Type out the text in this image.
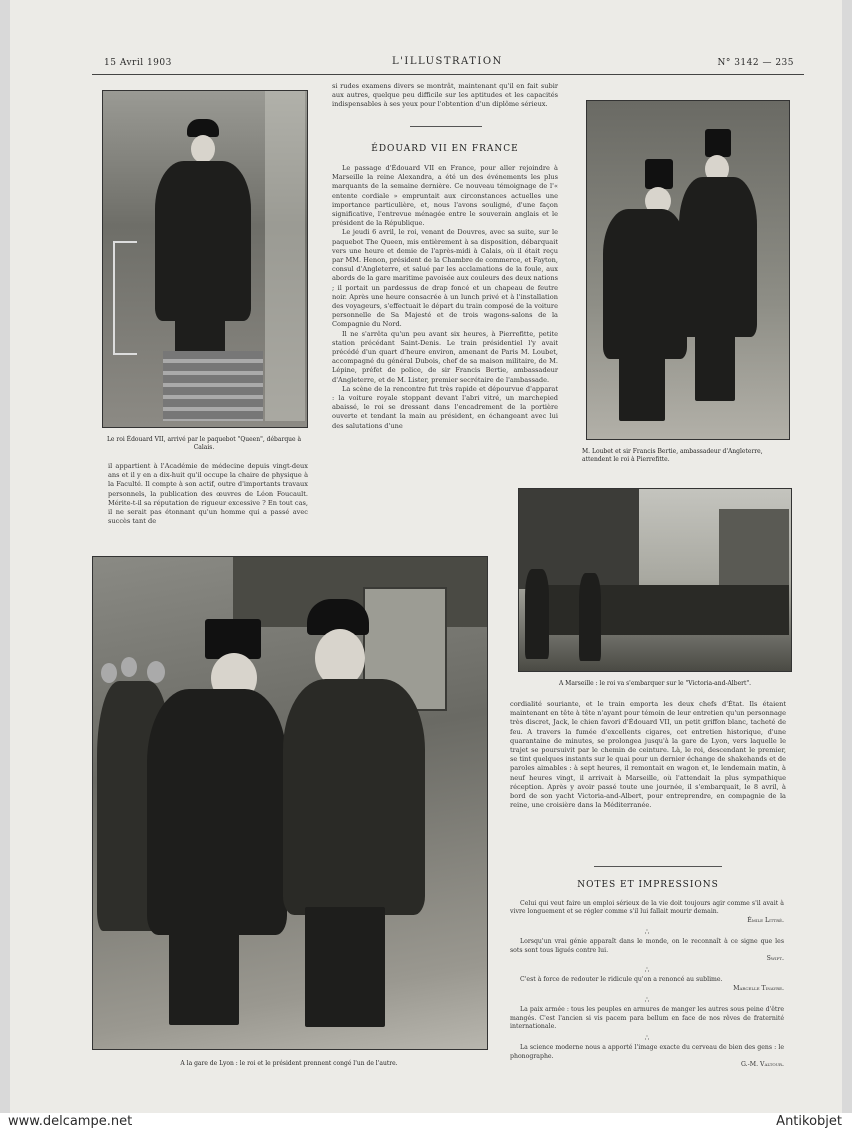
15 Avril 1903	L'ILLUSTRATION	N° 3142 — 235
Le roi Édouard VII, arrivé par le paquebot "Queen", débarque à Calais.
si rudes examens divers se montrât, maintenant qu'il en fait subir aux autres, quelque peu difficile sur les aptitudes et les capacités indispensables à ses yeux pour l'obtention d'un diplôme sérieux.
ÉDOUARD VII EN FRANCE

Le passage d'Édouard VII en France, pour aller rejoindre à Marseille la reine Alexandra, a été un des événements les plus marquants de la semaine dernière. Ce nouveau témoignage de l'« entente cordiale » empruntait aux circonstances actuelles une importance particulière, et, nous l'avons souligné, d'une façon significative, l'entrevue ménagée entre le souverain anglais et le président de la République.

Le jeudi 6 avril, le roi, venant de Douvres, avec sa suite, sur le paquebot The Queen, mis entièrement à sa disposition, débarquait vers une heure et demie de l'après-midi à Calais, où il était reçu par MM. Henon, président de la Chambre de commerce, et Fayton, consul d'Angleterre, et salué par les acclamations de la foule, aux abords de la gare maritime pavoisée aux couleurs des deux nations ; il portait un pardessus de drap foncé et un chapeau de feutre noir. Après une heure consacrée à un lunch privé et à l'installation des voyageurs, s'effectuait le départ du train composé de la voiture personnelle de Sa Majesté et de trois wagons-salons de la Compagnie du Nord.

Il ne s'arrêta qu'un peu avant six heures, à Pierrefitte, petite station précédant Saint-Denis. Le train présidentiel l'y avait précédé d'un quart d'heure environ, amenant de Paris M. Loubet, accompagné du général Dubois, chef de sa maison militaire, de M. Lépine, préfet de police, de sir Francis Bertie, ambassadeur d'Angleterre, et de M. Lister, premier secrétaire de l'ambassade.

La scène de la rencontre fut très rapide et dépourvue d'apparat : la voiture royale stoppant devant l'abri vitré, un marchepied abaissé, le roi se dressant dans l'encadrement de la portière ouverte et tendant la main au président, en échangeant avec lui des salutations d'une

M. Loubet et sir Francis Bertie, ambassadeur d'Angleterre, attendent le roi à Pierrefitte.
il appartient à l'Académie de médecine depuis vingt-deux ans et il y en a dix-huit qu'il occupe la chaire de physique à la Faculté. Il compte à son actif, outre d'importants travaux personnels, la publication des œuvres de Léon Foucault. Mérite-t-il sa réputation de rigueur excessive ? En tout cas, il ne serait pas étonnant qu'un homme qui a passé avec succès tant de
A Marseille : le roi va s'embarquer sur le "Victoria-and-Albert".
cordialité souriante, et le train emporta les deux chefs d'État. Ils étaient maintenant en tête à tête n'ayant pour témoin de leur entretien qu'un personnage très discret, Jack, le chien favori d'Édouard VII, un petit griffon blanc, tacheté de feu. A travers la fumée d'excellents cigares, cet entretien historique, d'une quarantaine de minutes, se prolongea jusqu'à la gare de Lyon, vers laquelle le trajet se poursuivit par le chemin de ceinture. Là, le roi, descendant le premier, se tint quelques instants sur le quai pour un dernier échange de shakehands et de paroles aimables : à sept heures, il remontait en wagon et, le lendemain matin, à neuf heures vingt, il arrivait à Marseille, où l'attendait la plus sympathique réception. Après y avoir passé toute une journée, il s'embarquait, le 8 avril, à bord de son yacht Victoria-and-Albert, pour entreprendre, en compagnie de la reine, une croisière dans la Méditerranée.
NOTES ET IMPRESSIONS
Celui qui veut faire un emploi sérieux de la vie doit toujours agir comme s'il avait à vivre longuement et se régler comme s'il lui fallait mourir demain.
Émile Littré.
∴
Lorsqu'un vrai génie apparaît dans le monde, on le reconnaît à ce signe que les sots sont tous ligués contre lui.
Swift.
∴
C'est à force de redouter le ridicule qu'on a renoncé au sublime.
Marcelle Tinayre.
∴
La paix armée : tous les peuples en armures de manger les autres sous peine d'être mangés. C'est l'ancien si vis pacem para bellum en face de nos rêves de fraternité internationale.
∴
La science moderne nous a apporté l'image exacte du cerveau de bien des gens : le phonographe.
G.-M. Valtour.
A la gare de Lyon : le roi et le président prennent congé l'un de l'autre.
www.delcampe.net	Antikobjet
